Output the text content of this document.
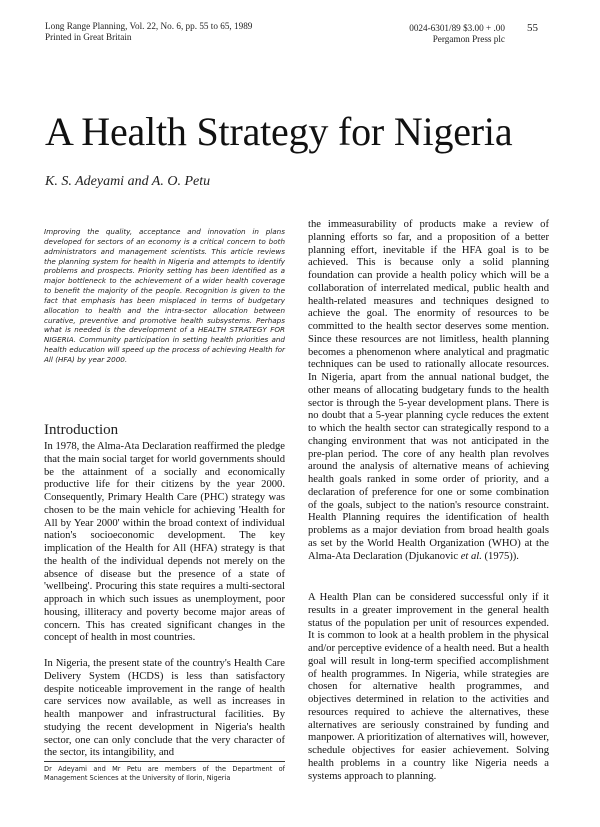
Long Range Planning, Vol. 22, No. 6, pp. 55 to 65, 1989
Printed in Great Britain
0024-6301/89 $3.00 + .00
Pergamon Press plc
55
A Health Strategy for Nigeria
K. S. Adeyami and A. O. Petu

Improving the quality, acceptance and innovation in plans developed for sectors of an economy is a critical concern to both administrators and management scientists. This article reviews the planning system for health in Nigeria and attempts to identify problems and prospects. Priority setting has been identified as a major bottleneck to the achievement of a wider health coverage to benefit the majority of the people. Recognition is given to the fact that emphasis has been misplaced in terms of budgetary allocation to health and the intra-sector allocation between curative, preventive and promotive health subsystems. Perhaps what is needed is the development of a HEALTH STRATEGY FOR NIGERIA. Community participation in setting health priorities and health education will speed up the process of achieving Health for All (HFA) by year 2000.

Introduction

In 1978, the Alma-Ata Declaration reaffirmed the pledge that the main social target for world governments should be the attainment of a socially and economically productive life for their citizens by the year 2000. Consequently, Primary Health Care (PHC) strategy was chosen to be the main vehicle for achieving 'Health for All by Year 2000' within the broad context of individual nation's socioeconomic development. The key implication of the Health for All (HFA) strategy is that the health of the individual depends not merely on the absence of disease but the presence of a state of 'wellbeing'. Procuring this state requires a multi-sectoral approach in which such issues as unemployment, poor housing, illiteracy and poverty become major areas of concern. This has created significant changes in the concept of health in most countries.

In Nigeria, the present state of the country's Health Care Delivery System (HCDS) is less than satisfactory despite noticeable improvement in the range of health care services now available, as well as increases in health manpower and infrastructural facilities. By studying the recent development in Nigeria's health sector, one can only conclude that the very character of the sector, its intangibility, and

Dr Adeyami and Mr Petu are members of the Department of Management Sciences at the University of Ilorin, Nigeria

the immeasurability of products make a review of planning efforts so far, and a proposition of a better planning effort, inevitable if the HFA goal is to be achieved. This is because only a solid planning foundation can provide a health policy which will be a collaboration of interrelated medical, public health and health-related measures and techniques designed to achieve the goal. The enormity of resources to be committed to the health sector deserves some mention. Since these resources are not limitless, health planning becomes a phenomenon where analytical and pragmatic techniques can be used to rationally allocate resources. In Nigeria, apart from the annual national budget, the other means of allocating budgetary funds to the health sector is through the 5-year development plans. There is no doubt that a 5-year planning cycle reduces the extent to which the health sector can strategically respond to a changing environment that was not anticipated in the pre-plan period. The core of any health plan revolves around the analysis of alternative means of achieving health goals ranked in some order of priority, and a declaration of preference for one or some combination of the goals, subject to the nation's resource constraint. Health Planning requires the identification of health problems as a major deviation from broad health goals as set by the World Health Organization (WHO) at the Alma-Ata Declaration (Djukanovic et al. (1975)).

A Health Plan can be considered successful only if it results in a greater improvement in the general health status of the population per unit of resources expended. It is common to look at a health problem in the physical and/or perceptive evidence of a health need. But a health goal will result in long-term specified accomplishment of health programmes. In Nigeria, while strategies are chosen for alternative health programmes, and objectives determined in relation to the activities and resources required to achieve the alternatives, these alternatives are seriously constrained by funding and manpower. A prioritization of alternatives will, however, schedule objectives for easier achievement. Solving health problems in a country like Nigeria needs a systems approach to planning.
